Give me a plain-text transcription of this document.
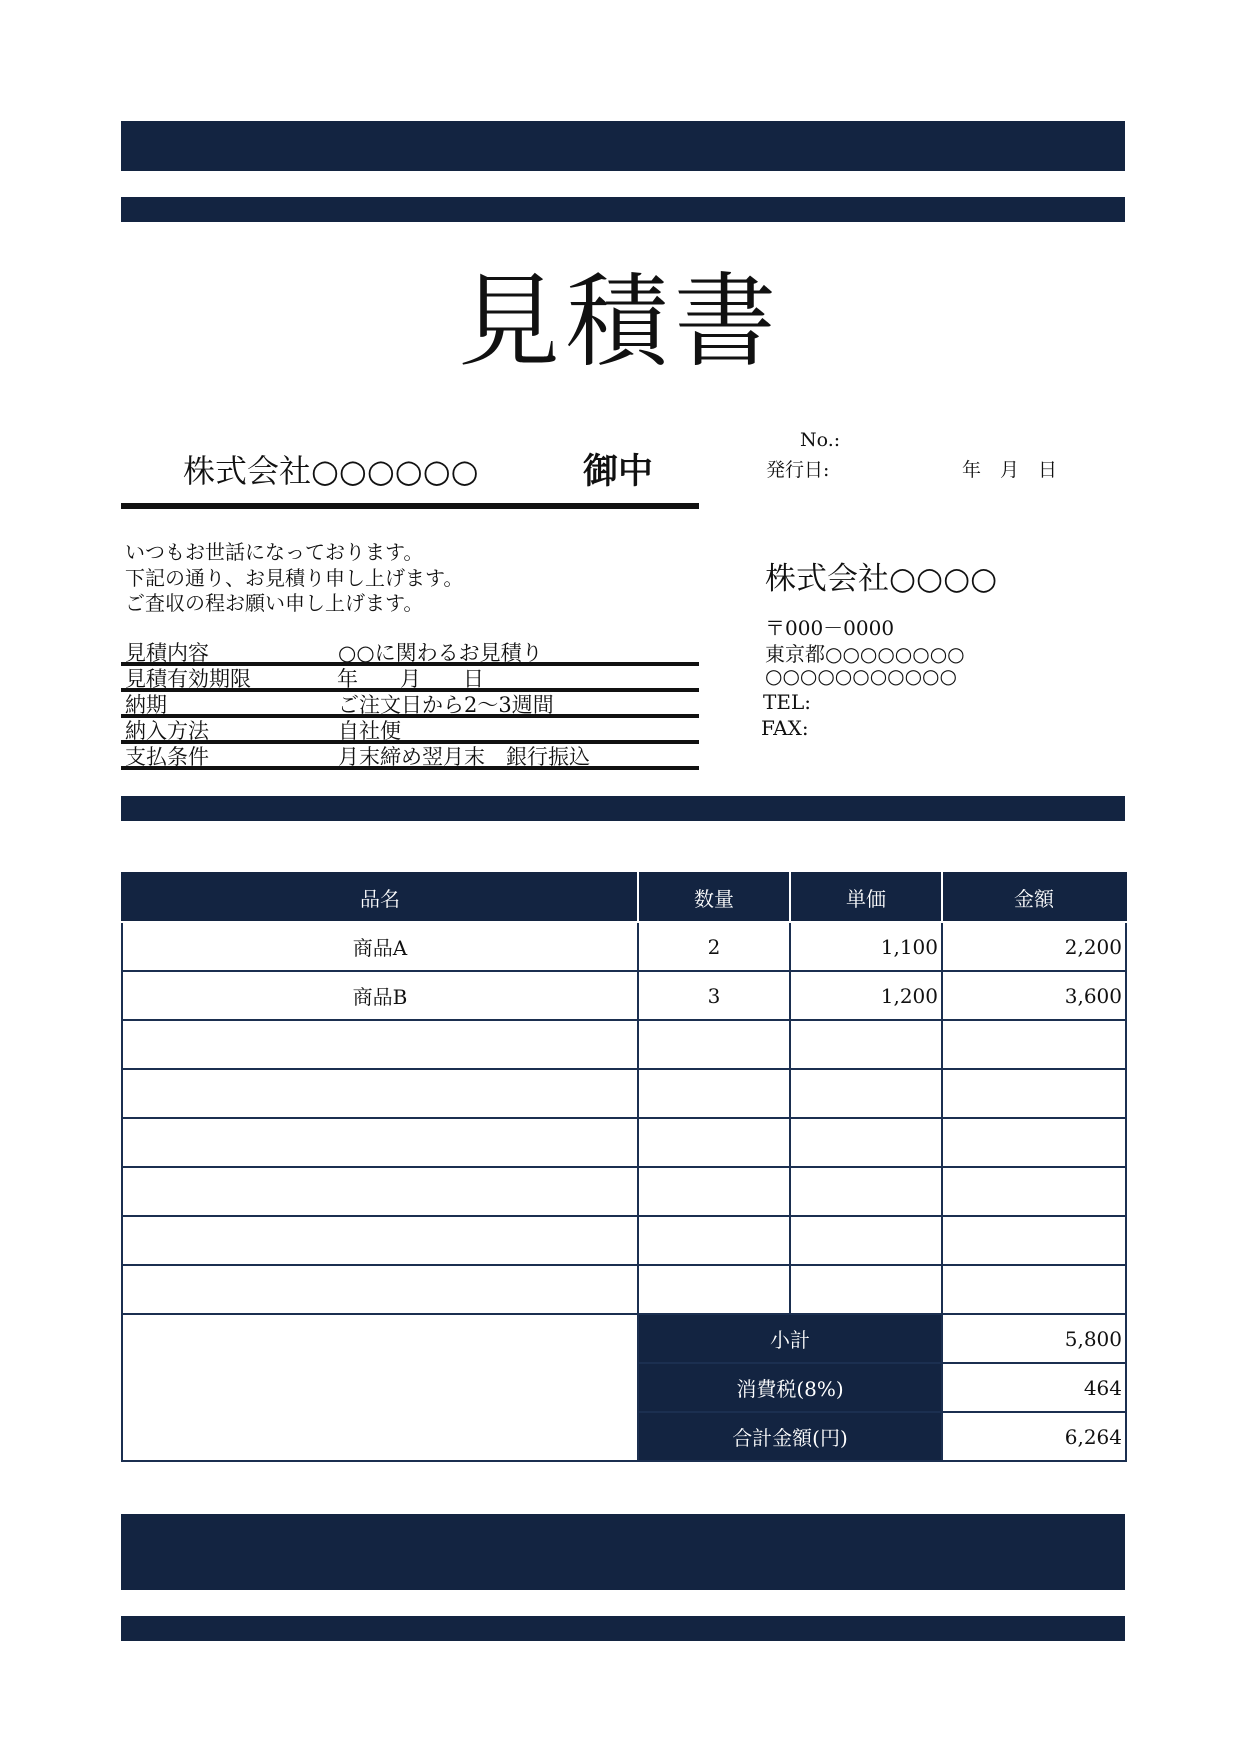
見積書
株式会社○○○○○○	御中
No.:
発行日:	年　月　日
いつもお世話になっております。
下記の通り、お見積り申し上げます。
ご査収の程お願い申し上げます。
見積内容	○○に関わるお見積り
見積有効期限	年　　月　　日
納期	ご注文日から2～3週間
納入方法	自社便
支払条件	月末締め翌月末　銀行振込
株式会社○○○○
〒000－0000
東京都○○○○○○○○
○○○○○○○○○○○
TEL:
FAX:
品名	数量	単価	金額
商品A	2	1,100	2,200
商品B	3	1,200	3,600

	小計		5,800
	消費税(8%)		464
	合計金額(円)		6,264
